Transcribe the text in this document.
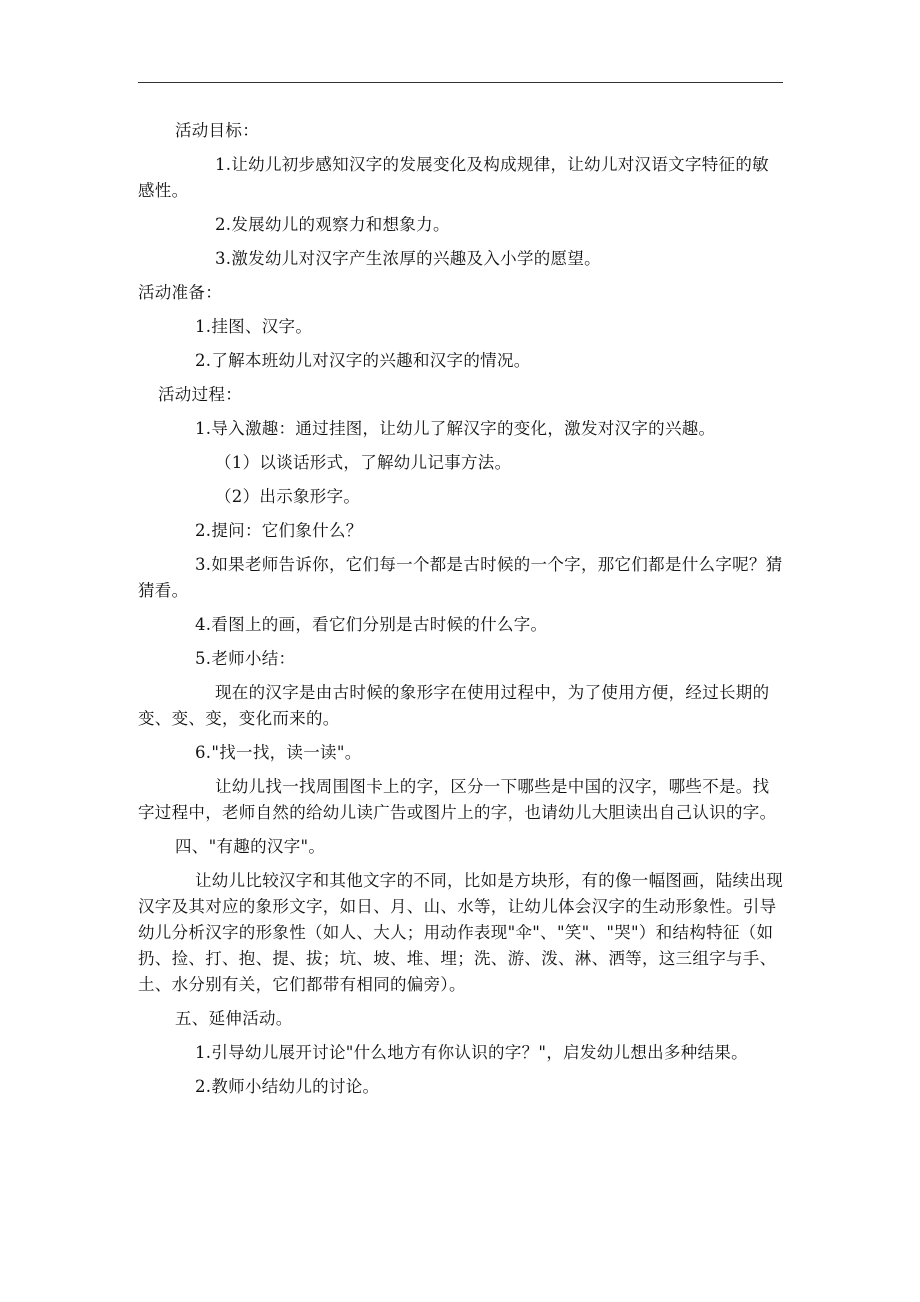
活动目标：

1.让幼儿初步感知汉字的发展变化及构成规律，让幼儿对汉语文字特征的敏感性。

2.发展幼儿的观察力和想象力。

3.激发幼儿对汉字产生浓厚的兴趣及入小学的愿望。

活动准备：

1.挂图、汉字。

2.了解本班幼儿对汉字的兴趣和汉字的情况。

活动过程：

1.导入激趣：通过挂图，让幼儿了解汉字的变化，激发对汉字的兴趣。

（1）以谈话形式，了解幼儿记事方法。

（2）出示象形字。

2.提问：它们象什么？

3.如果老师告诉你，它们每一个都是古时候的一个字，那它们都是什么字呢？猜猜看。

4.看图上的画，看它们分别是古时候的什么字。

5.老师小结：

现在的汉字是由古时候的象形字在使用过程中，为了使用方便，经过长期的变、变、变，变化而来的。

6."找一找，读一读"。

让幼儿找一找周围图卡上的字，区分一下哪些是中国的汉字，哪些不是。找字过程中，老师自然的给幼儿读广告或图片上的字，也请幼儿大胆读出自己认识的字。

四、"有趣的汉字"。

让幼儿比较汉字和其他文字的不同，比如是方块形，有的像一幅图画，陆续出现汉字及其对应的象形文字，如日、月、山、水等，让幼儿体会汉字的生动形象性。引导幼儿分析汉字的形象性（如人、大人；用动作表现"伞"、"笑"、"哭"）和结构特征（如扔、捡、打、抱、提、拔；坑、坡、堆、埋；洗、游、泼、淋、洒等，这三组字与手、土、水分别有关，它们都带有相同的偏旁）。

五、延伸活动。

1.引导幼儿展开讨论"什么地方有你认识的字？"，启发幼儿想出多种结果。

2.教师小结幼儿的讨论。
